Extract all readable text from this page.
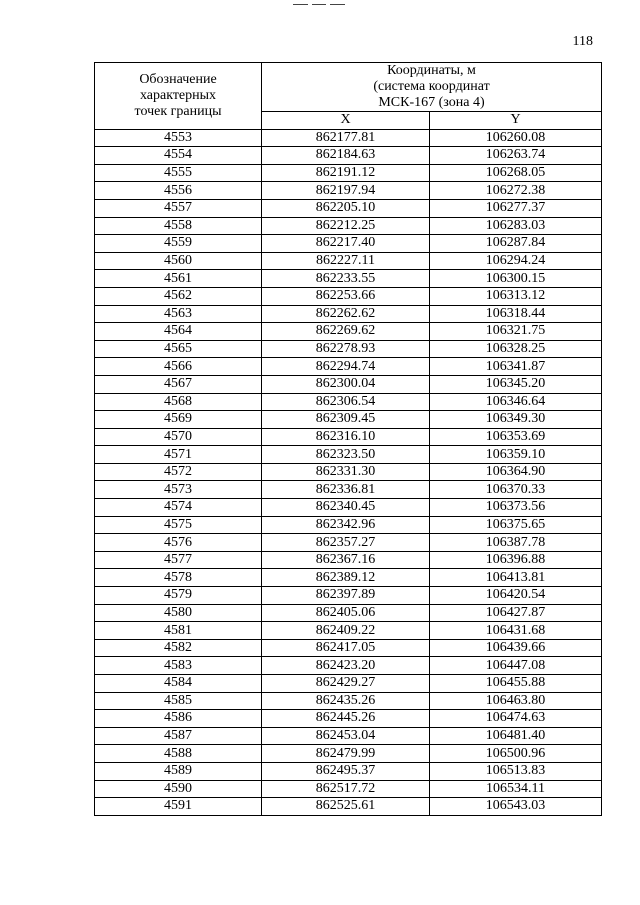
118
Обозначение
характерных
точек границы	Координаты, м
(система координат
МСК-167 (зона 4)	

	X	Y
4553	862177.81	106260.08
4554	862184.63	106263.74
4555	862191.12	106268.05
4556	862197.94	106272.38
4557	862205.10	106277.37
4558	862212.25	106283.03
4559	862217.40	106287.84
4560	862227.11	106294.24
4561	862233.55	106300.15
4562	862253.66	106313.12
4563	862262.62	106318.44
4564	862269.62	106321.75
4565	862278.93	106328.25
4566	862294.74	106341.87
4567	862300.04	106345.20
4568	862306.54	106346.64
4569	862309.45	106349.30
4570	862316.10	106353.69
4571	862323.50	106359.10
4572	862331.30	106364.90
4573	862336.81	106370.33
4574	862340.45	106373.56
4575	862342.96	106375.65
4576	862357.27	106387.78
4577	862367.16	106396.88
4578	862389.12	106413.81
4579	862397.89	106420.54
4580	862405.06	106427.87
4581	862409.22	106431.68
4582	862417.05	106439.66
4583	862423.20	106447.08
4584	862429.27	106455.88
4585	862435.26	106463.80
4586	862445.26	106474.63
4587	862453.04	106481.40
4588	862479.99	106500.96
4589	862495.37	106513.83
4590	862517.72	106534.11
4591	862525.61	106543.03
